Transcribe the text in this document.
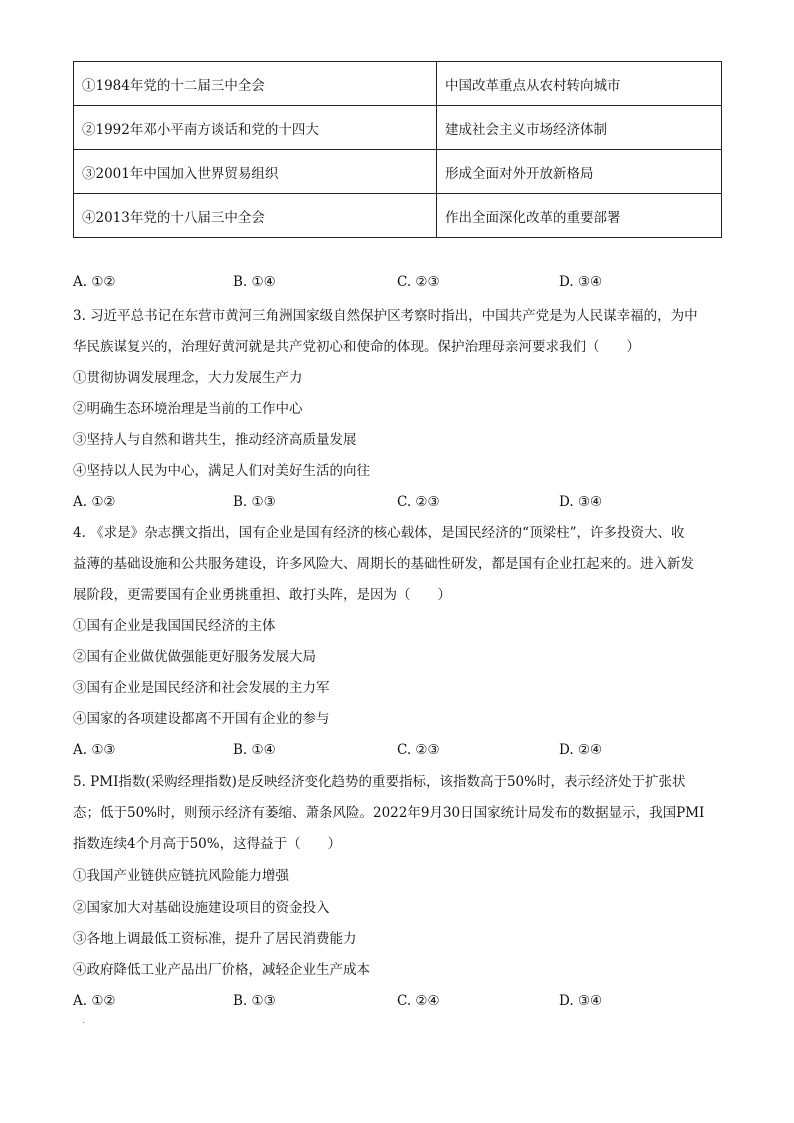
①1984年党的十二届三中全会	中国改革重点从农村转向城市
②1992年邓小平南方谈话和党的十四大	建成社会主义市场经济体制
③2001年中国加入世界贸易组织	形成全面对外开放新格局
④2013年党的十八届三中全会	作出全面深化改革的重要部署
A. ①②	B. ①④	C. ②③	D. ③④
3. 习近平总书记在东营市黄河三角洲国家级自然保护区考察时指出，中国共产党是为人民谋幸福的，为中
华民族谋复兴的，治理好黄河就是共产党初心和使命的体现。保护治理母亲河要求我们（　　）
①贯彻协调发展理念，大力发展生产力
②明确生态环境治理是当前的工作中心
③坚持人与自然和谐共生，推动经济高质量发展
④坚持以人民为中心，满足人们对美好生活的向往
A. ①②	B. ①③	C. ②③	D. ③④
4. 《求是》杂志撰文指出，国有企业是国有经济的核心载体，是国民经济的“顶梁柱”，许多投资大、收
益薄的基础设施和公共服务建设，许多风险大、周期长的基础性研发，都是国有企业扛起来的。进入新发
展阶段，更需要国有企业勇挑重担、敢打头阵，是因为（　　）
①国有企业是我国国民经济的主体
②国有企业做优做强能更好服务发展大局
③国有企业是国民经济和社会发展的主力军
④国家的各项建设都离不开国有企业的参与
A. ①③	B. ①④	C. ②③	D. ②④
5. PMI指数(采购经理指数)是反映经济变化趋势的重要指标，该指数高于50%时，表示经济处于扩张状
态；低于50%时，则预示经济有萎缩、萧条风险。2022年9月30日国家统计局发布的数据显示，我国PMI
指数连续4个月高于50%，这得益于（　　）
①我国产业链供应链抗风险能力增强
②国家加大对基础设施建设项目的资金投入
③各地上调最低工资标准，提升了居民消费能力
④政府降低工业产品出厂价格，减轻企业生产成本
A. ①②	B. ①③	C. ②④	D. ③④
.
